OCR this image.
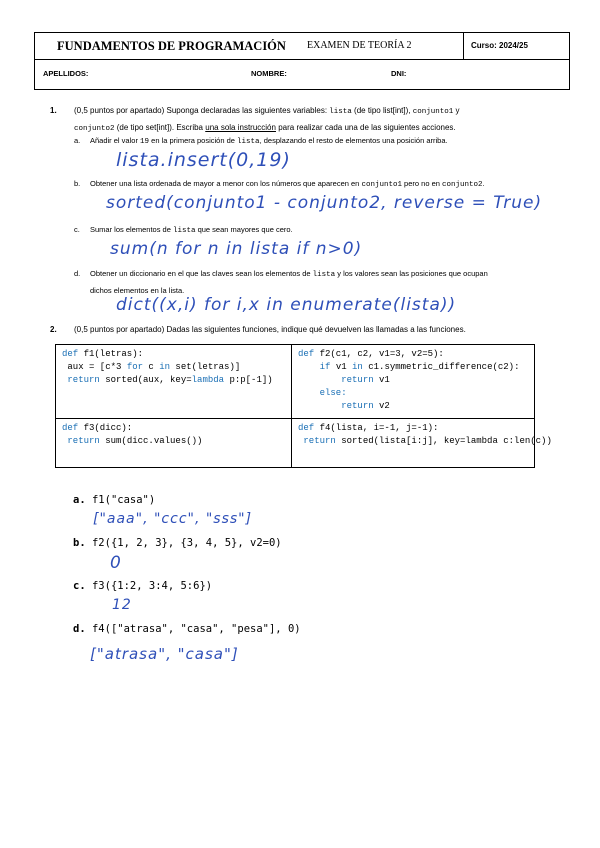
FUNDAMENTOS DE PROGRAMACIÓN EXAMEN DE TEORÍA 2	Curso: 2024/25
APELLIDOS:	NOMBRE:	DNI:
1. (0,5 puntos por apartado) Suponga declaradas las siguientes variables: lista (de tipo list[int]), conjunto1 y
conjunto2 (de tipo set[int]). Escriba una sola instrucción para realizar cada una de las siguientes acciones.
a. Añadir el valor 19 en la primera posición de lista, desplazando el resto de elementos una posición arriba.
lista.insert(0,19)
b. Obtener una lista ordenada de mayor a menor con los números que aparecen en conjunto1 pero no en conjunto2.
sorted(conjunto1 - conjunto2, reverse = True)
c. Sumar los elementos de lista que sean mayores que cero.
sum(n for n in lista if n>0)
d. Obtener un diccionario en el que las claves sean los elementos de lista y los valores sean las posiciones que ocupan
dichos elementos en la lista.
dict((x,i) for i,x in enumerate(lista))
2. (0,5 puntos por apartado) Dadas las siguientes funciones, indique qué devuelven las llamadas a las funciones.
def f1(letras):
aux = [c*3 for c in set(letras)]
return sorted(aux, key=lambda p:p[-1])
def f2(c1, c2, v1=3, v2=5):
if v1 in c1.symmetric_difference(c2):
return v1
else:
return v2
def f3(dicc):
return sum(dicc.values())
def f4(lista, i=-1, j=-1):
return sorted(lista[i:j], key=lambda c:len(c))
a. f1("casa")
["aaa", "ccc", "sss"]
b. f2({1, 2, 3}, {3, 4, 5}, v2=0)
0
c. f3({1:2, 3:4, 5:6})
12
d. f4(["atrasa", "casa", "pesa"], 0)
["atrasa", "casa"]
